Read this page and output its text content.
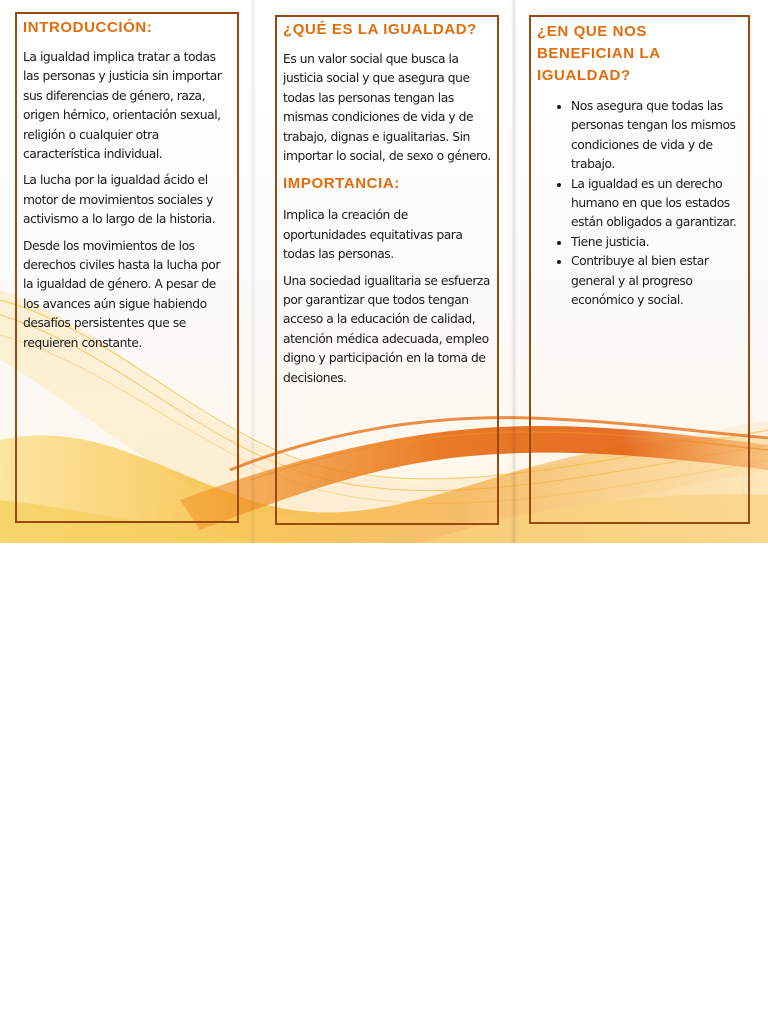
INTRODUCCIÓN:

La igualdad implica tratar a todas las personas y justicia sin importar sus diferencias de género, raza, origen hérnico, orientación sexual, religión o cualquier otra característica individual.

La lucha por la igualdad ácido el motor de movimientos sociales y activismo a lo largo de la historia.

Desde los movimientos de los derechos civiles hasta la lucha por la igualdad de género. A pesar de los avances aún sigue habiendo desafíos persistentes que se requieren constante.

¿QUÉ ES LA IGUALDAD?

Es un valor social que busca la justicia social y que asegura que todas las personas tengan las mismas condiciones de vida y de trabajo, dignas e igualitarias. Sin importar lo social, de sexo o género.

IMPORTANCIA:

Implica la creación de oportunidades equitativas para todas las personas.

Una sociedad igualitaria se esfuerza por garantizar que todos tengan acceso a la educación de calidad, atención médica adecuada, empleo digno y participación en la toma de decisiones.

¿EN QUE NOS BENEFICIAN LA IGUALDAD?
• Nos asegura que todas las personas tengan los mismos condiciones de vida y de trabajo.
• La igualdad es un derecho humano en que los estados están obligados a garantizar.
• Tiene justicia.
• Contribuye al bien estar general y al progreso económico y social.
